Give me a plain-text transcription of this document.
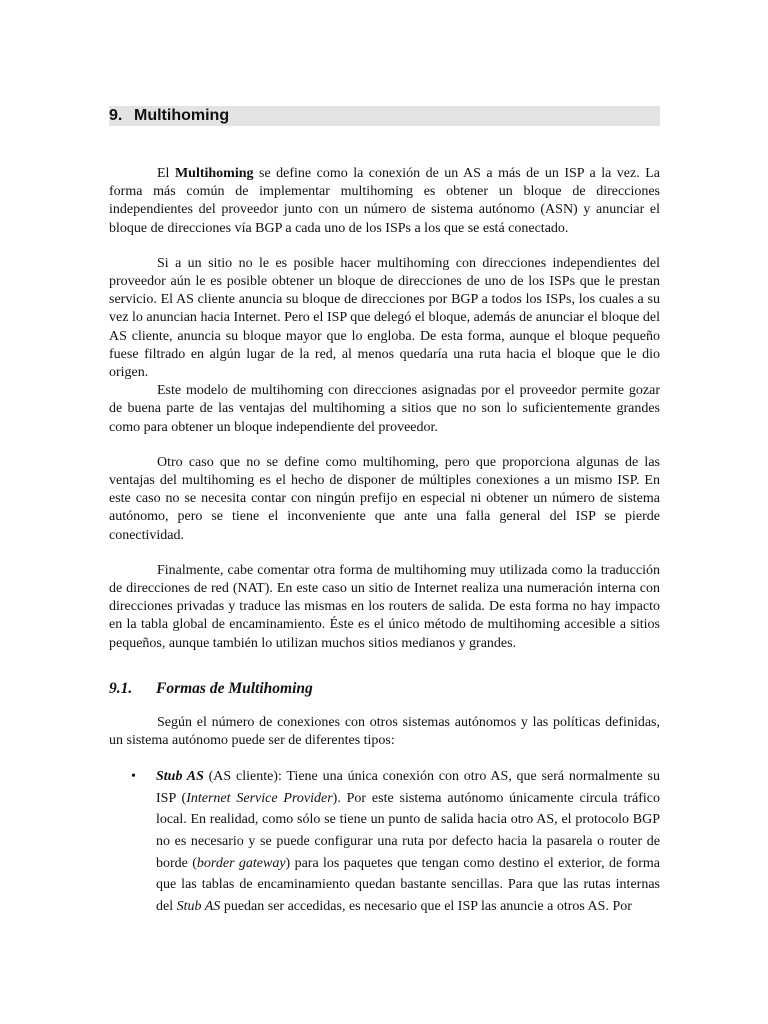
9. Multihoming

El Multihoming se define como la conexión de un AS a más de un ISP a la vez. La forma más común de implementar multihoming es obtener un bloque de direcciones independientes del proveedor junto con un número de sistema autónomo (ASN) y anunciar el bloque de direcciones vía BGP a cada uno de los ISPs a los que se está conectado.

Si a un sitio no le es posible hacer multihoming con direcciones independientes del proveedor aún le es posible obtener un bloque de direcciones de uno de los ISPs que le prestan servicio. El AS cliente anuncia su bloque de direcciones por BGP a todos los ISPs, los cuales a su vez lo anuncian hacia Internet. Pero el ISP que delegó el bloque, además de anunciar el bloque del AS cliente, anuncia su bloque mayor que lo engloba. De esta forma, aunque el bloque pequeño fuese filtrado en algún lugar de la red, al menos quedaría una ruta hacia el bloque que le dio origen.

Este modelo de multihoming con direcciones asignadas por el proveedor permite gozar de buena parte de las ventajas del multihoming a sitios que no son lo suficientemente grandes como para obtener un bloque independiente del proveedor.

Otro caso que no se define como multihoming, pero que proporciona algunas de las ventajas del multihoming es el hecho de disponer de múltiples conexiones a un mismo ISP. En este caso no se necesita contar con ningún prefijo en especial ni obtener un número de sistema autónomo, pero se tiene el inconveniente que ante una falla general del ISP se pierde conectividad.

Finalmente, cabe comentar otra forma de multihoming muy utilizada como la traducción de direcciones de red (NAT). En este caso un sitio de Internet realiza una numeración interna con direcciones privadas y traduce las mismas en los routers de salida. De esta forma no hay impacto en la tabla global de encaminamiento. Éste es el único método de multihoming accesible a sitios pequeños, aunque también lo utilizan muchos sitios medianos y grandes.

9.1. Formas de Multihoming

Según el número de conexiones con otros sistemas autónomos y las políticas definidas, un sistema autónomo puede ser de diferentes tipos:

• Stub AS (AS cliente): Tiene una única conexión con otro AS, que será normalmente su ISP (Internet Service Provider). Por este sistema autónomo únicamente circula tráfico local. En realidad, como sólo se tiene un punto de salida hacia otro AS, el protocolo BGP no es necesario y se puede configurar una ruta por defecto hacia la pasarela o router de borde (border gateway) para los paquetes que tengan como destino el exterior, de forma que las tablas de encaminamiento quedan bastante sencillas. Para que las rutas internas del Stub AS puedan ser accedidas, es necesario que el ISP las anuncie a otros AS. Por
